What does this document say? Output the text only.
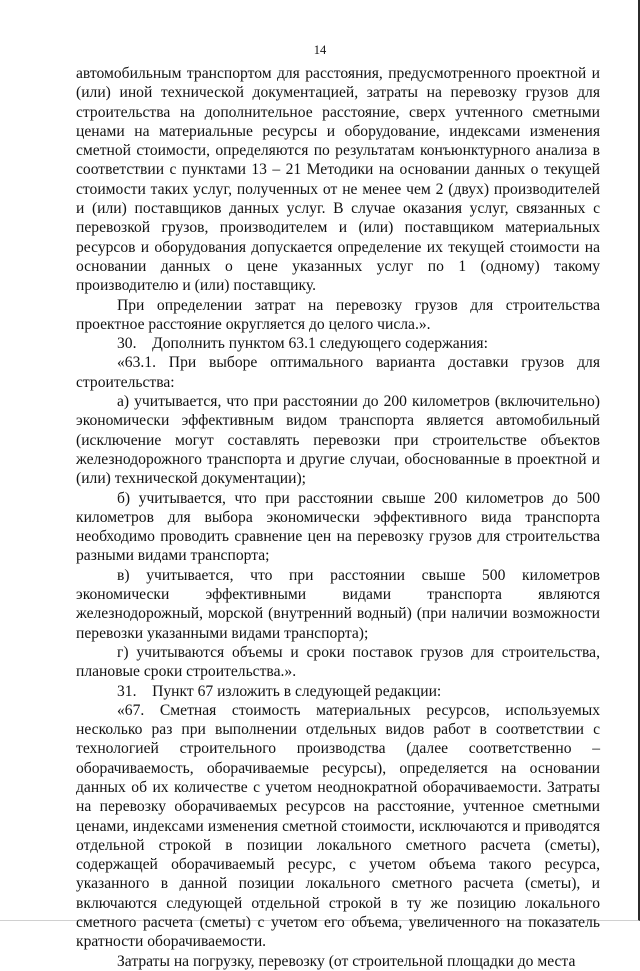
14

автомобильным транспортом для расстояния, предусмотренного проектной и (или) иной технической документацией, затраты на перевозку грузов для строительства на дополнительное расстояние, сверх учтенного сметными ценами на материальные ресурсы и оборудование, индексами изменения сметной стоимости, определяются по результатам конъюнктурного анализа в соответствии с пунктами 13 – 21 Методики на основании данных о текущей стоимости таких услуг, полученных от не менее чем 2 (двух) производителей и (или) поставщиков данных услуг. В случае оказания услуг, связанных с перевозкой грузов, производителем и (или) поставщиком материальных ресурсов и оборудования допускается определение их текущей стоимости на основании данных о цене указанных услуг по 1 (одному) такому производителю и (или) поставщику.

При определении затрат на перевозку грузов для строительства проектное расстояние округляется до целого числа.».

30. Дополнить пунктом 63.1 следующего содержания:

«63.1. При выборе оптимального варианта доставки грузов для строительства:

а) учитывается, что при расстоянии до 200 километров (включительно) экономически эффективным видом транспорта является автомобильный (исключение могут составлять перевозки при строительстве объектов железнодорожного транспорта и другие случаи, обоснованные в проектной и (или) технической документации);

б) учитывается, что при расстоянии свыше 200 километров до 500 километров для выбора экономически эффективного вида транспорта необходимо проводить сравнение цен на перевозку грузов для строительства разными видами транспорта;

в) учитывается, что при расстоянии свыше 500 километров экономически эффективными видами транспорта являются железнодорожный, морской (внутренний водный) (при наличии возможности перевозки указанными видами транспорта);

г) учитываются объемы и сроки поставок грузов для строительства, плановые сроки строительства.».

31. Пункт 67 изложить в следующей редакции:

«67. Сметная стоимость материальных ресурсов, используемых несколько раз при выполнении отдельных видов работ в соответствии с технологией строительного производства (далее соответственно – оборачиваемость, оборачиваемые ресурсы), определяется на основании данных об их количестве с учетом неоднократной оборачиваемости. Затраты на перевозку оборачиваемых ресурсов на расстояние, учтенное сметными ценами, индексами изменения сметной стоимости, исключаются и приводятся отдельной строкой в позиции локального сметного расчета (сметы), содержащей оборачиваемый ресурс, с учетом объема такого ресурса, указанного в данной позиции локального сметного расчета (сметы), и включаются следующей отдельной строкой в ту же позицию локального сметного расчета (сметы) с учетом его объема, увеличенного на показатель кратности оборачиваемости.

Затраты на погрузку, перевозку (от строительной площадки до места
